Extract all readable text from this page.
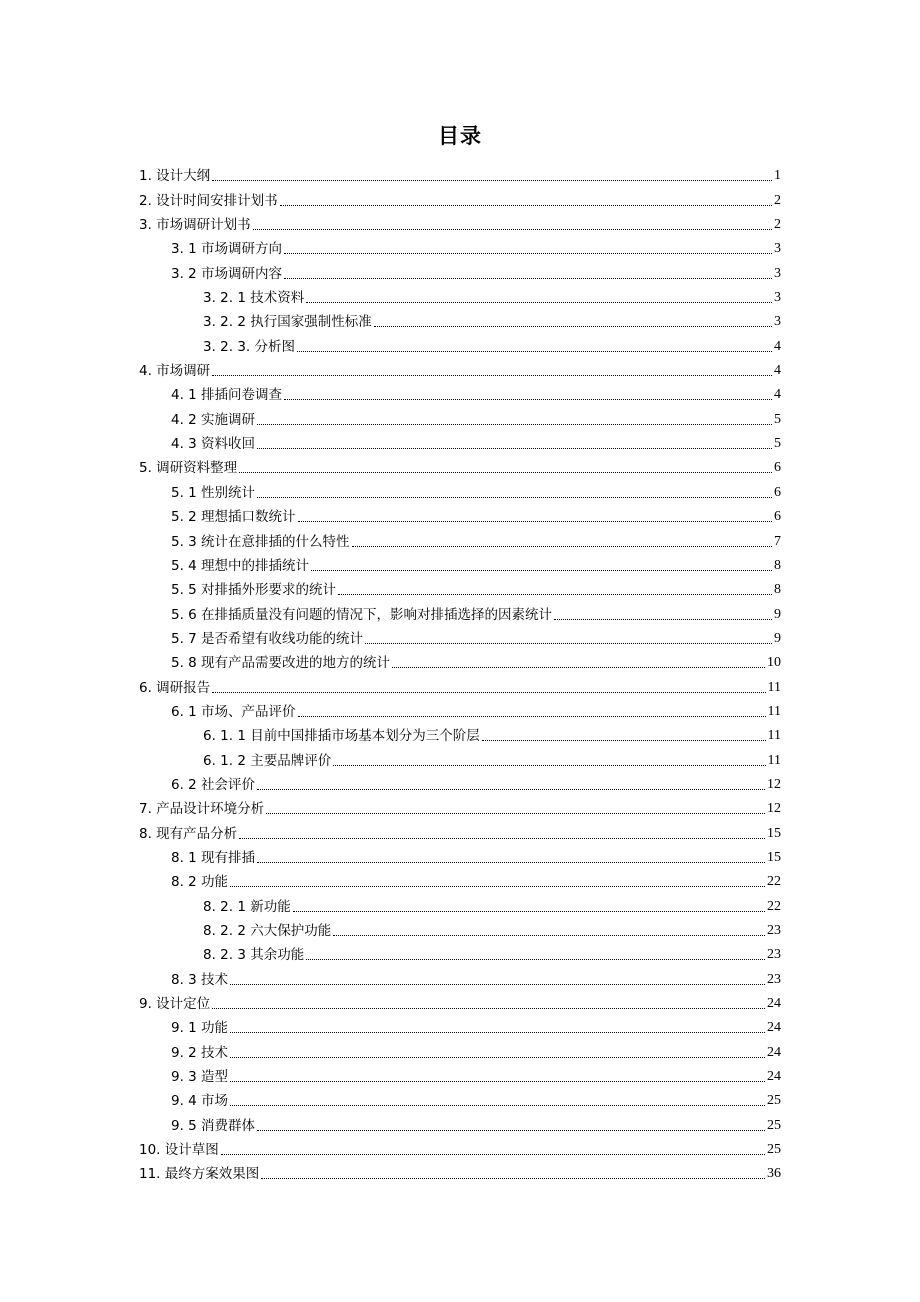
目录
1. 设计大纲	1
2. 设计时间安排计划书	2
3. 市场调研计划书	2
3. 1 市场调研方向	3
3. 2 市场调研内容	3
3. 2. 1 技术资料	3
3. 2. 2 执行国家强制性标准	3
3. 2. 3. 分析图	4
4. 市场调研	4
4. 1 排插问卷调查	4
4. 2 实施调研	5
4. 3 资料收回	5
5. 调研资料整理	6
5. 1 性别统计	6
5. 2 理想插口数统计	6
5. 3 统计在意排插的什么特性	7
5. 4 理想中的排插统计	8
5. 5 对排插外形要求的统计	8
5. 6 在排插质量没有问题的情况下，影响对排插选择的因素统计	9
5. 7 是否希望有收线功能的统计	9
5. 8 现有产品需要改进的地方的统计	10
6. 调研报告	11
6. 1 市场、产品评价	11
6. 1. 1 目前中国排插市场基本划分为三个阶层	11
6. 1. 2 主要品牌评价	11
6. 2 社会评价	12
7. 产品设计环境分析	12
8. 现有产品分析	15
8. 1 现有排插	15
8. 2 功能	22
8. 2. 1 新功能	22
8. 2. 2 六大保护功能	23
8. 2. 3 其余功能	23
8. 3 技术	23
9. 设计定位	24
9. 1 功能	24
9. 2 技术	24
9. 3 造型	24
9. 4 市场	25
9. 5 消费群体	25
10. 设计草图	25
11. 最终方案效果图	36
